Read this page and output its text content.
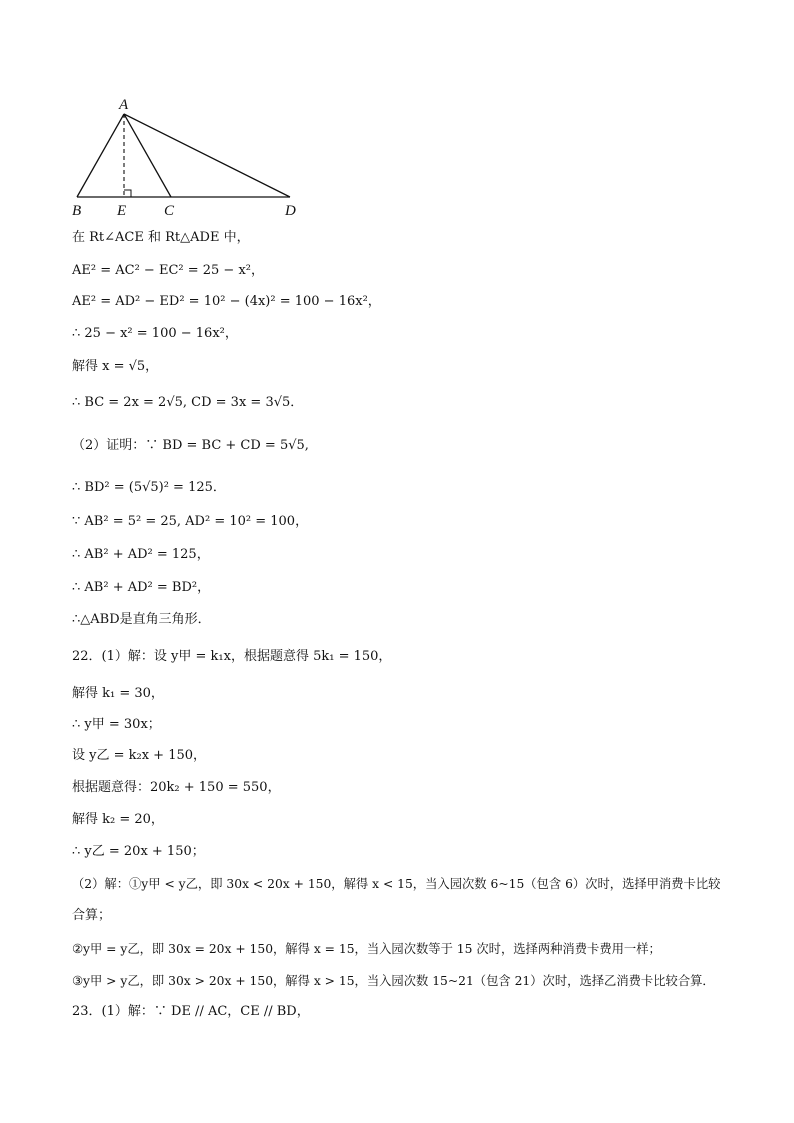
A
B E	C	D
在 Rt∠ACE 和 Rt△ADE 中，
AE² = AC² − EC² = 25 − x²，
AE² = AD² − ED² = 10² − (4x)² = 100 − 16x²，
∴ 25 − x² = 100 − 16x²，
解得 x = √5，
∴ BC = 2x = 2√5, CD = 3x = 3√5．
（2）证明：∵ BD = BC + CD = 5√5,
∴ BD² = (5√5)² = 125．
∵ AB² = 5² = 25, AD² = 10² = 100，
∴ AB² + AD² = 125，
∴ AB² + AD² = BD²，
∴△ABD是直角三角形．
22．(1）解：设 y甲 = k₁x，根据题意得 5k₁ = 150，
解得 k₁ = 30，
∴ y甲 = 30x；
设 y乙 = k₂x + 150，
根据题意得：20k₂ + 150 = 550，
解得 k₂ = 20，
∴ y乙 = 20x + 150；
（2）解：①y甲 < y乙，即 30x < 20x + 150，解得 x < 15，当入园次数 6~15（包含 6）次时，选择甲消费卡比较
合算；
②y甲 = y乙，即 30x = 20x + 150，解得 x = 15，当入园次数等于 15 次时，选择两种消费卡费用一样；
③y甲 > y乙，即 30x > 20x + 150，解得 x > 15，当入园次数 15~21（包含 21）次时，选择乙消费卡比较合算．
23．(1）解：∵ DE // AC，CE // BD，
